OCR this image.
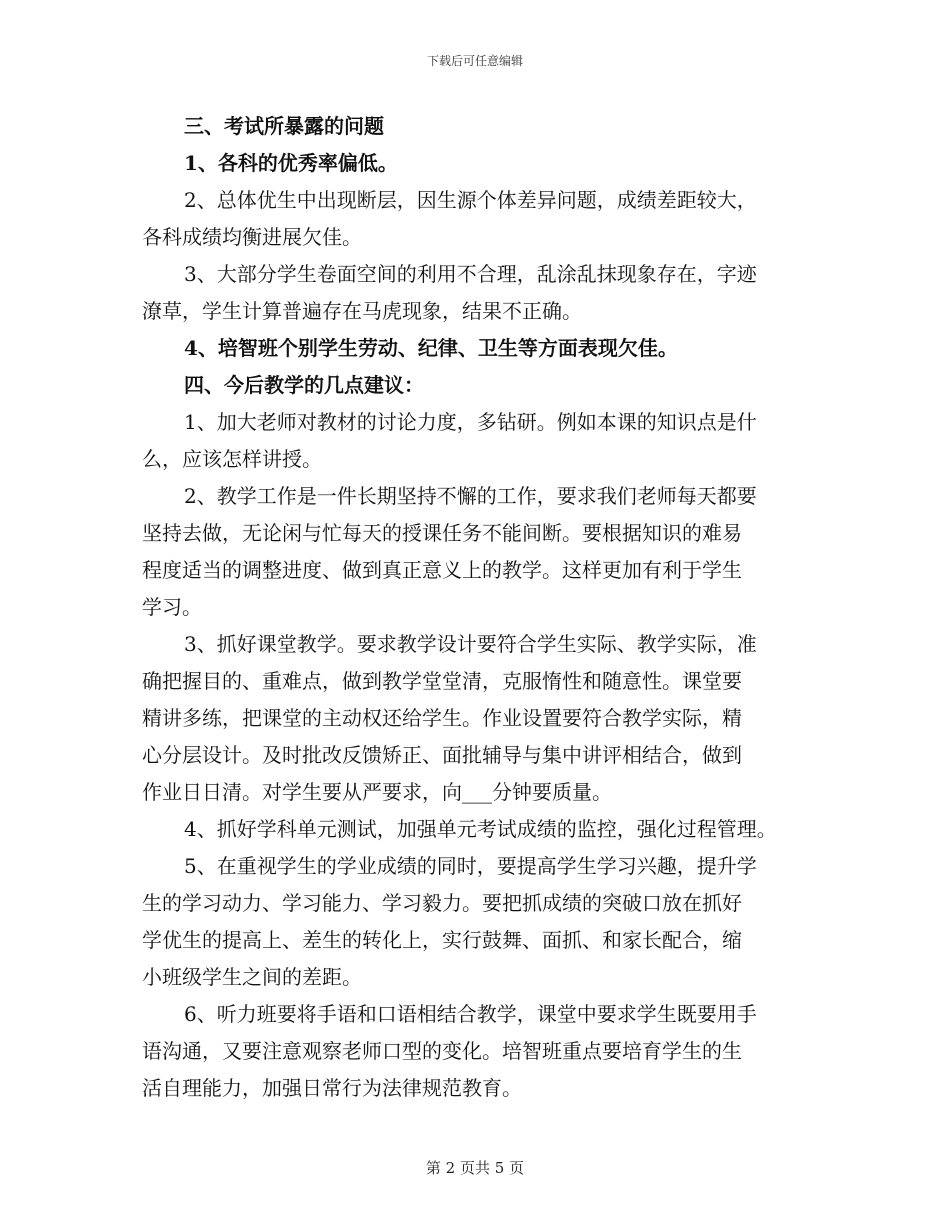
下载后可任意编辑
三、考试所暴露的问题
1、各科的优秀率偏低。
2、总体优生中出现断层，因生源个体差异问题，成绩差距较大，
各科成绩均衡进展欠佳。
3、大部分学生卷面空间的利用不合理，乱涂乱抹现象存在，字迹
潦草，学生计算普遍存在马虎现象，结果不正确。
4、培智班个别学生劳动、纪律、卫生等方面表现欠佳。
四、今后教学的几点建议：
1、加大老师对教材的讨论力度，多钻研。例如本课的知识点是什
么，应该怎样讲授。
2、教学工作是一件长期坚持不懈的工作，要求我们老师每天都要
坚持去做，无论闲与忙每天的授课任务不能间断。要根据知识的难易
程度适当的调整进度、做到真正意义上的教学。这样更加有利于学生
学习。
3、抓好课堂教学。要求教学设计要符合学生实际、教学实际，准
确把握目的、重难点，做到教学堂堂清，克服惰性和随意性。课堂要
精讲多练，把课堂的主动权还给学生。作业设置要符合教学实际，精
心分层设计。及时批改反馈矫正、面批辅导与集中讲评相结合，做到
作业日日清。对学生要从严要求，向___分钟要质量。
4、抓好学科单元测试，加强单元考试成绩的监控，强化过程管理。
5、在重视学生的学业成绩的同时，要提高学生学习兴趣，提升学
生的学习动力、学习能力、学习毅力。要把抓成绩的突破口放在抓好
学优生的提高上、差生的转化上，实行鼓舞、面抓、和家长配合，缩
小班级学生之间的差距。
6、听力班要将手语和口语相结合教学，课堂中要求学生既要用手
语沟通，又要注意观察老师口型的变化。培智班重点要培育学生的生
活自理能力，加强日常行为法律规范教育。
第 2 页共 5 页
